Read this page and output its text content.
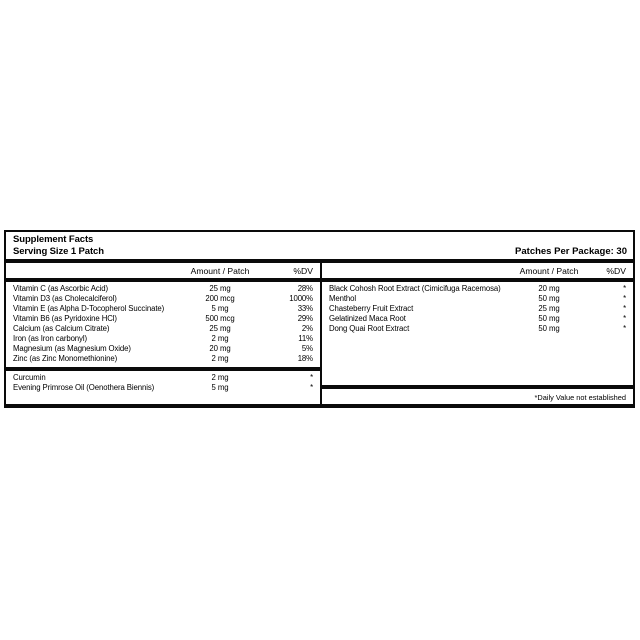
Supplement Facts
Serving Size 1 Patch	Patches Per Package: 30
Amount / Patch	%DV
Vitamin C (as Ascorbic Acid)	25 mg	28%
Vitamin D3 (as Cholecalciferol)	200 mcg	1000%
Vitamin E (as Alpha D-Tocopherol Succinate)	5 mg	33%
Vitamin B6 (as Pyridoxine HCl)	500 mcg	29%
Calcium (as Calcium Citrate)	25 mg	2%
Iron (as Iron carbonyl)	2 mg	11%
Magnesium (as Magnesium Oxide)	20 mg	5%
Zinc (as Zinc Monomethionine)	2 mg	18%
Curcumin	2 mg	*
Evening Primrose Oil (Oenothera Biennis)	5 mg	*
Amount / Patch	%DV
Black Cohosh Root Extract (Cimicifuga Racemosa)	20 mg	*
Menthol	50 mg	*
Chasteberry Fruit Extract	25 mg	*
Gelatinized Maca Root	50 mg	*
Dong Quai Root Extract	50 mg	*
*Daily Value not established
